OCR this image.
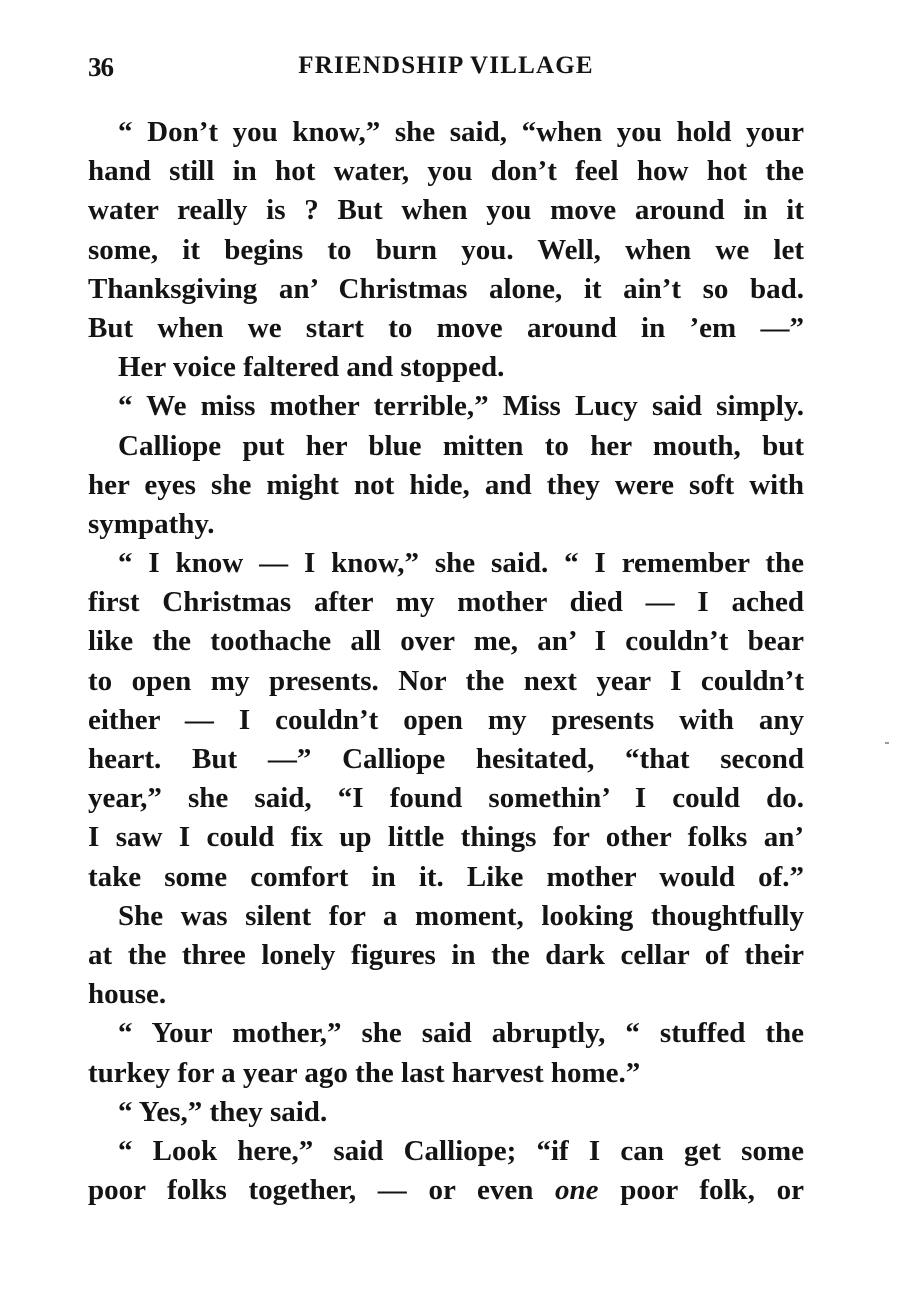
36	FRIENDSHIP VILLAGE
“ Don’t you know,” she said, “when you hold your
hand still in hot water, you don’t feel how hot the
water really is ? But when you move around in it
some, it begins to burn you. Well, when we let
Thanksgiving an’ Christmas alone, it ain’t so bad.
But when we start to move around in ’em —”
Her voice faltered and stopped.
“ We miss mother terrible,” Miss Lucy said simply.
Calliope put her blue mitten to her mouth, but
her eyes she might not hide, and they were soft with
sympathy.
“ I know — I know,” she said. “ I remember the
first Christmas after my mother died — I ached
like the toothache all over me, an’ I couldn’t bear
to open my presents. Nor the next year I couldn’t
either — I couldn’t open my presents with any
heart. But —” Calliope hesitated, “that second
year,” she said, “I found somethin’ I could do.
I saw I could fix up little things for other folks an’
take some comfort in it. Like mother would of.”
She was silent for a moment, looking thoughtfully
at the three lonely figures in the dark cellar of their
house.
“ Your mother,” she said abruptly, “ stuffed the
turkey for a year ago the last harvest home.”
“ Yes,” they said.
“ Look here,” said Calliope; “if I can get some
poor folks together, — or even one poor folk, or
